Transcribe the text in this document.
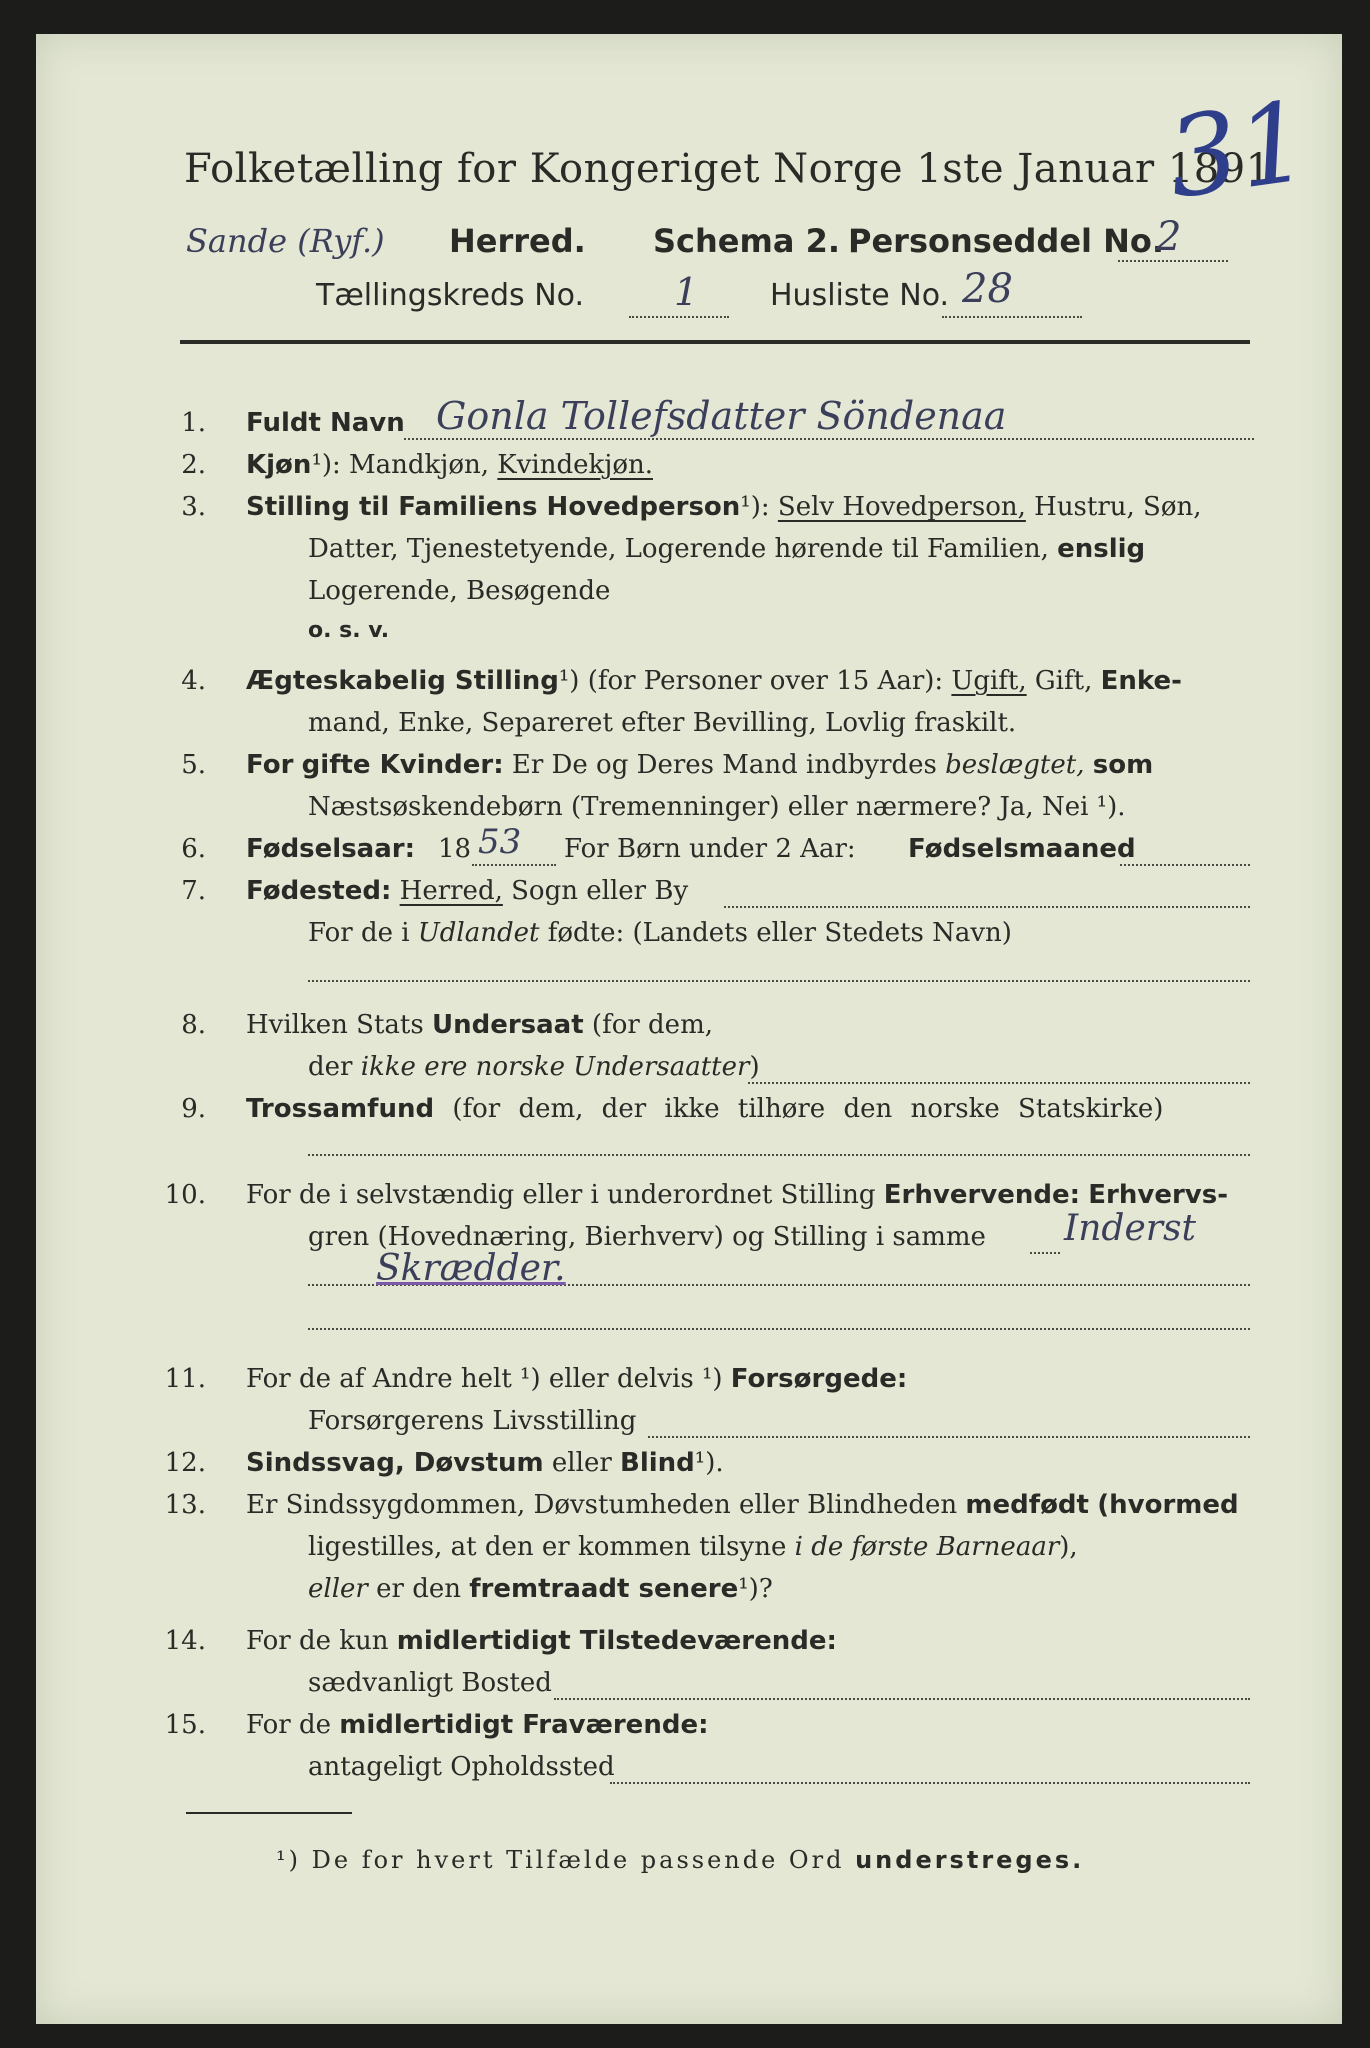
Folketælling for Kongeriget Norge 1ste Januar 1891.
31
Sande (Ryf.) Herred. Schema 2. Personseddel No.
2
Tællingskreds No. 1 Husliste No. 28
1. Fuldt Navn Gonla Tollefsdatter Söndenaa
2. Kjøn¹): Mandkjøn, Kvindekjøn.
3. Stilling til Familiens Hovedperson¹): Selv Hovedperson, Hustru, Søn,
Datter, Tjenestetyende, Logerende hørende til Familien, enslig
Logerende, Besøgende
o. s. v.
4. Ægteskabelig Stilling¹) (for Personer over 15 Aar): Ugift, Gift, Enke-
mand, Enke, Separeret efter Bevilling, Lovlig fraskilt.
5. For gifte Kvinder: Er De og Deres Mand indbyrdes beslægtet, som
Næstsøskendebørn (Tremenninger) eller nærmere? Ja, Nei ¹).
6. Fødselsaar: 18 53 For Børn under 2 Aar: Fødselsmaaned
7. Fødested: Herred, Sogn eller By
For de i Udlandet fødte: (Landets eller Stedets Navn)
8. Hvilken Stats Undersaat (for dem,
der ikke ere norske Undersaatter)
9. Trossamfund (for dem, der ikke tilhøre den norske Statskirke)
10. For de i selvstændig eller i underordnet Stilling Erhvervende: Erhvervs-
gren (Hovednæring, Bierhverv) og Stilling i samme Inderst
Skrædder.
11. For de af Andre helt ¹) eller delvis ¹) Forsørgede:
Forsørgerens Livsstilling
12. Sindssvag, Døvstum eller Blind¹).
13. Er Sindssygdommen, Døvstumheden eller Blindheden medfødt (hvormed
ligestilles, at den er kommen tilsyne i de første Barneaar),
eller er den fremtraadt senere¹)?
14. For de kun midlertidigt Tilstedeværende:
sædvanligt Bosted
15. For de midlertidigt Fraværende:
antageligt Opholdssted
¹) De for hvert Tilfælde passende Ord understreges.
